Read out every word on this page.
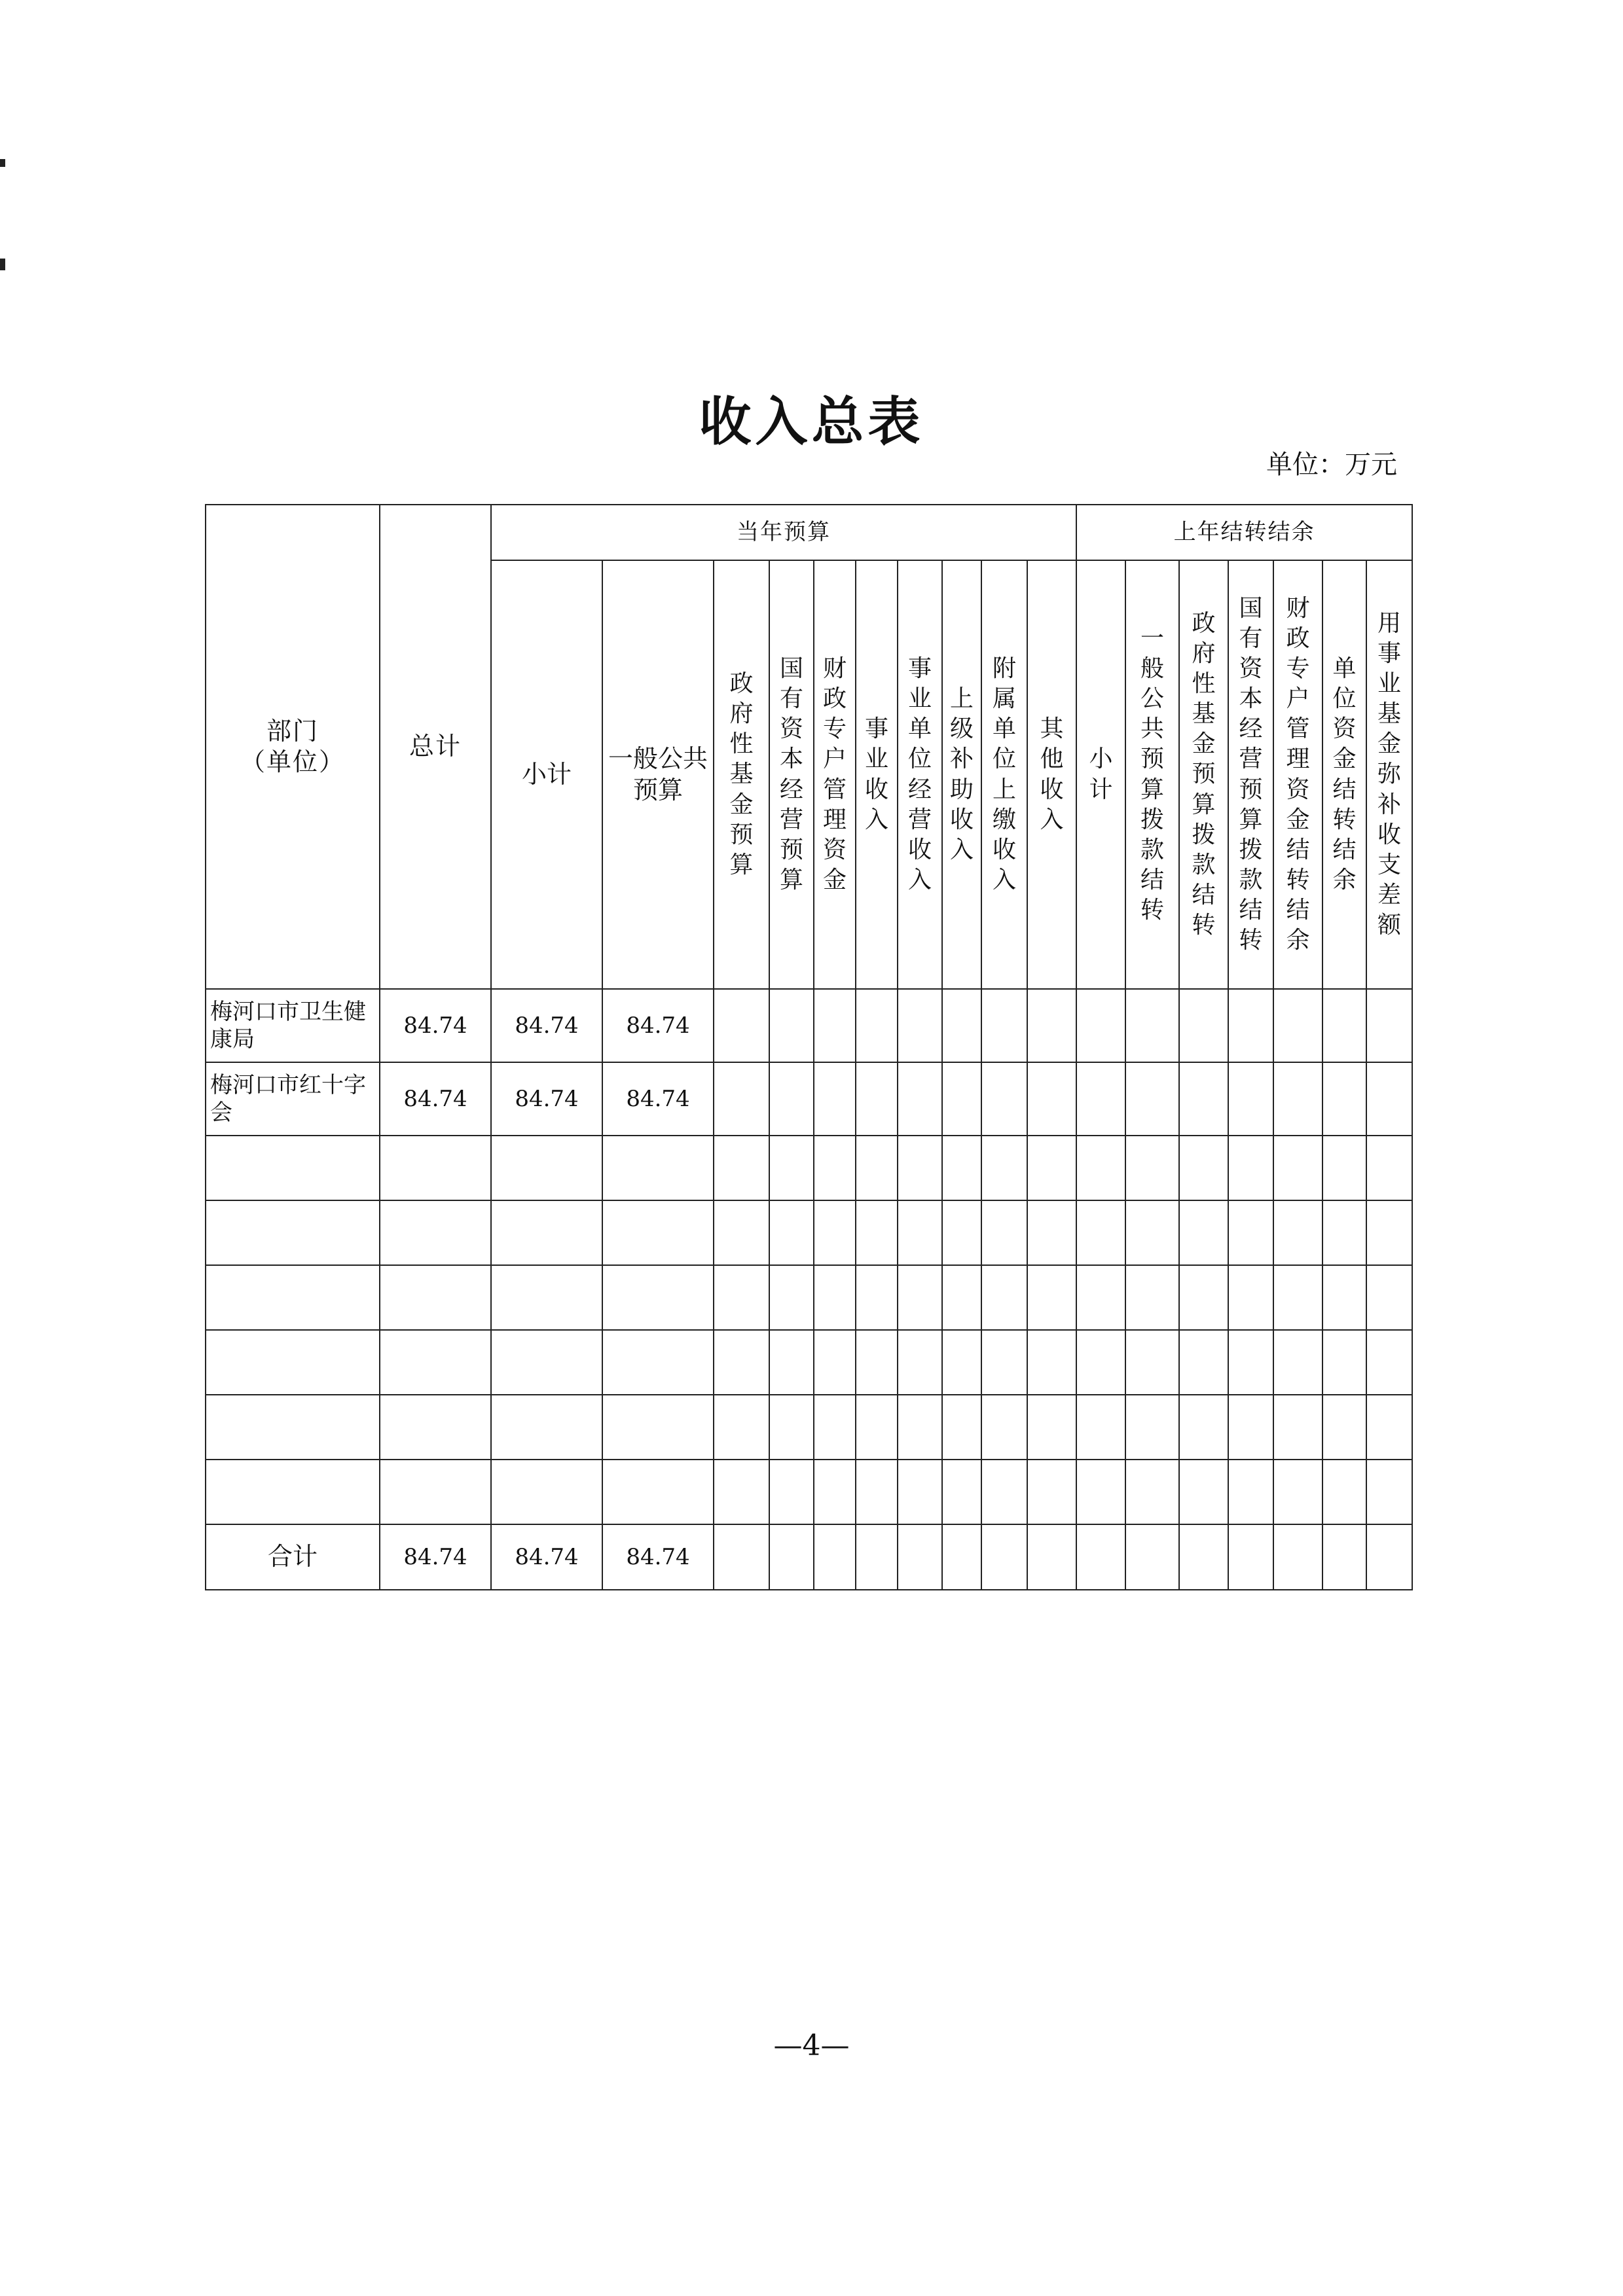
收入总表
单位：万元
部门
（单位）	总计	当年预算										上年结转结余						
		小计	一般公共预算	政府性基金预算	国有资本经营预算	财政专户管理资金	事业收入	事业单位经营收入	上级补助收入	附属单位上缴收入	其他收入	小计	一般公共预算拨款结转	政府性基金预算拨款结转	国有资本经营预算拨款结转	财政专户管理资金结转结余	单位资金结转结余	用事业基金弥补收支差额
梅河口市卫生健康局	84.74	84.74	84.74															
梅河口市红十字会	84.74	84.74	84.74															

合计	84.74	84.74	84.74															
—4—
